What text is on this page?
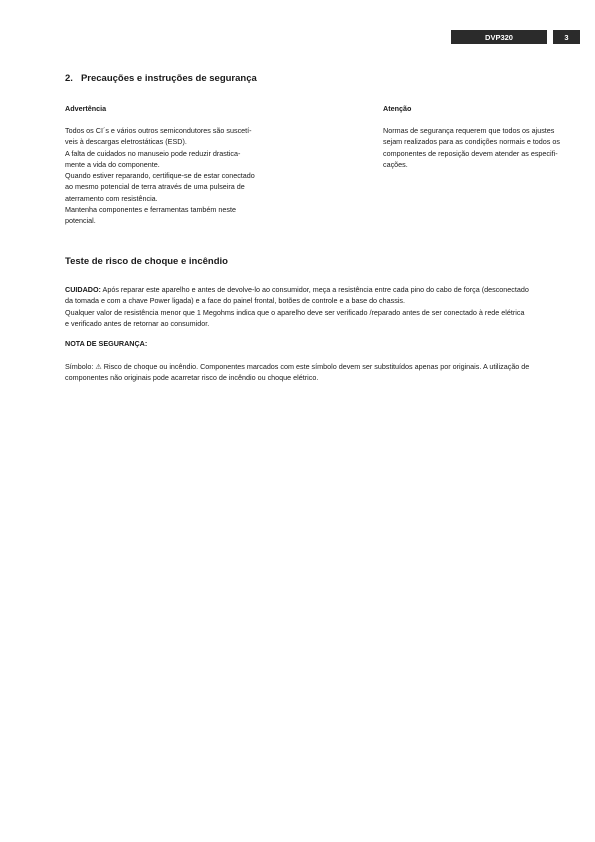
DVP320	3
2. Precauções e instruções de segurança
Advertência
Todos os CI´s e vários outros semicondutores são suscetí-
veis à descargas eletrostáticas (ESD).
A falta de cuidados no manuseio pode reduzir drastica-
mente a vida do componente.
Quando estiver reparando, certifique-se de estar conectado
ao mesmo potencial de terra através de uma pulseira de
aterramento com resistência.
Mantenha componentes e ferramentas também neste
potencial.
Atenção
Normas de segurança requerem que todos os ajustes
sejam realizados para as condições normais e todos os
componentes de reposição devem atender as especifi-
cações.
Teste de risco de choque e incêndio
CUIDADO: Após reparar este aparelho e antes de devolve-lo ao consumidor, meça a resistência entre cada pino do cabo de força (desconectado
da tomada e com a chave Power ligada) e a face do painel frontal, botões de controle e a base do chassis.
Qualquer valor de resistência menor que 1 Megohms indica que o aparelho deve ser verificado /reparado antes de ser conectado à rede elétrica
e verificado antes de retornar ao consumidor.
NOTA DE SEGURANÇA:
Símbolo: ⚠ Risco de choque ou incêndio. Componentes marcados com este símbolo devem ser substituídos apenas por originais. A utilização de
componentes não originais pode acarretar risco de incêndio ou choque elétrico.
